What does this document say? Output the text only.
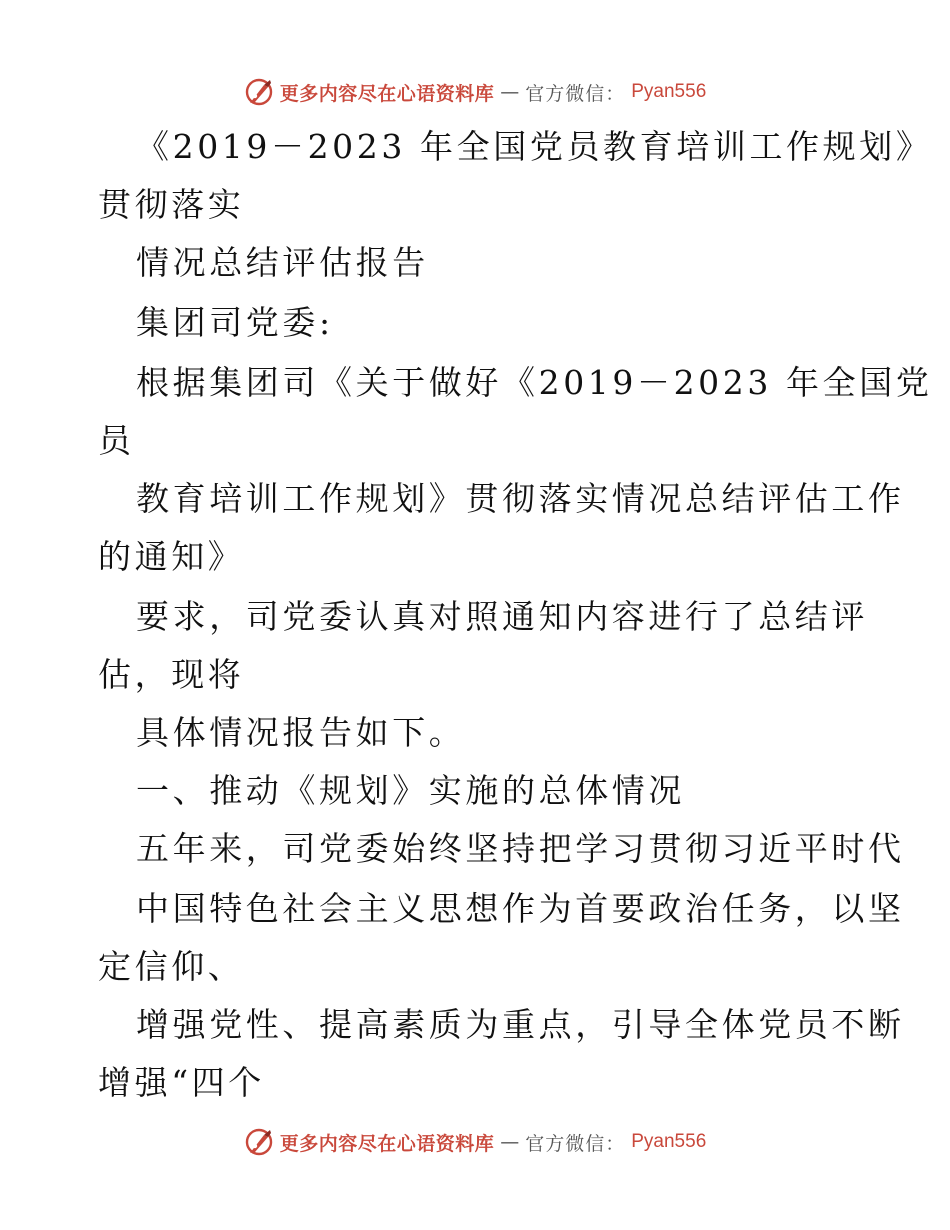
更多内容尽在心语资料库 — 官方微信： Pyan556
《2019－2023 年全国党员教育培训工作规划》
贯彻落实
情况总结评估报告
集团司党委:
根据集团司《关于做好《2019－2023 年全国党
员
教育培训工作规划》贯彻落实情况总结评估工作
的通知》
要求，司党委认真对照通知内容进行了总结评
估，现将
具体情况报告如下。
一、推动《规划》实施的总体情况
五年来，司党委始终坚持把学习贯彻习近平时代
中国特色社会主义思想作为首要政治任务，以坚
定信仰、
增强党性、提高素质为重点，引导全体党员不断
增强“四个
更多内容尽在心语资料库 — 官方微信： Pyan556
